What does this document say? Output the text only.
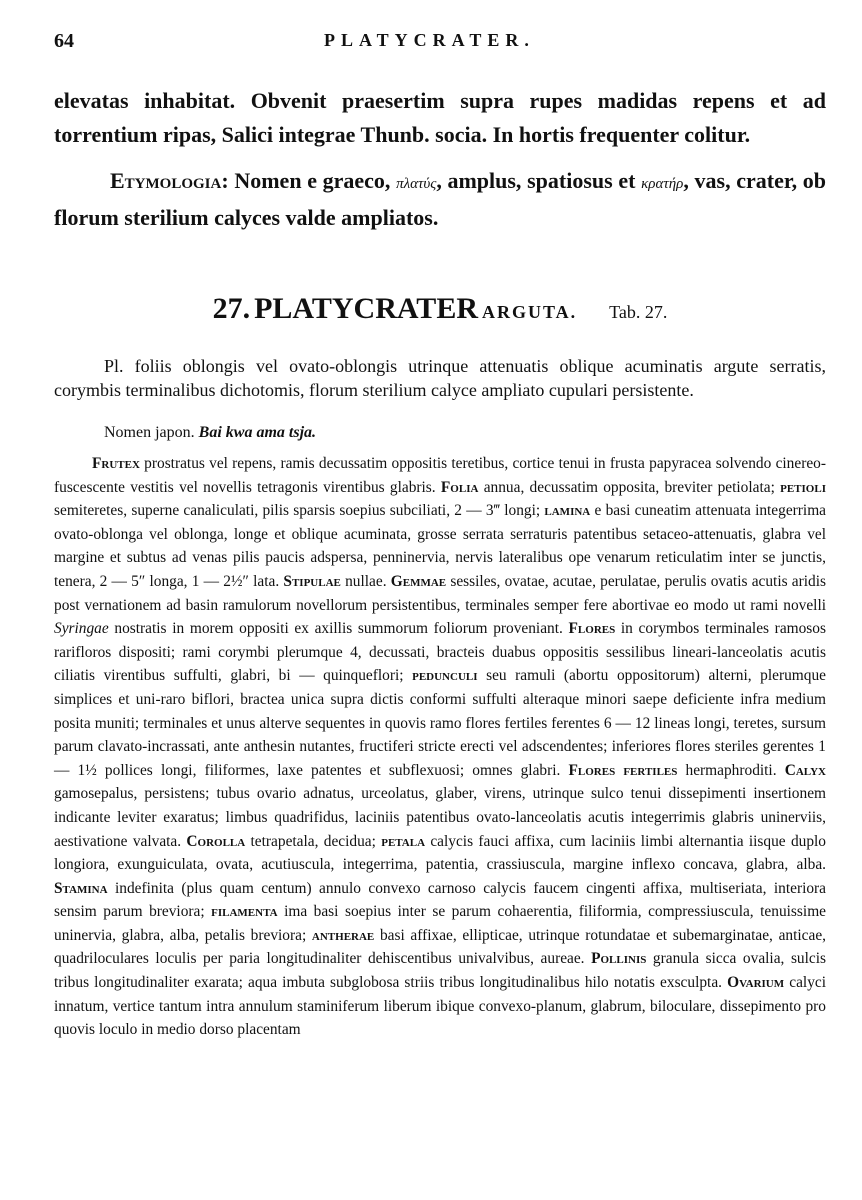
64	PLATYCRATER.

elevatas inhabitat. Obvenit praesertim supra rupes madidas repens et ad torrentium ripas, Salici integrae Thunb. socia. In hortis frequenter colitur.

Etymologia: Nomen e graeco, πλατύς, amplus, spatiosus et κρατήρ, vas, crater, ob florum sterilium calyces valde ampliatos.

27. PLATYCRATER ARGUTA. Tab. 27.

Pl. foliis oblongis vel ovato-oblongis utrinque attenuatis oblique acuminatis argute serratis, corymbis terminalibus dichotomis, florum sterilium calyce ampliato cupulari persistente.

Nomen japon. Bai kwa ama tsja.

Frutex prostratus vel repens, ramis decussatim oppositis teretibus, cortice tenui in frusta papyracea solvendo cinereo-fuscescente vestitis vel novellis tetragonis virentibus glabris. Folia annua, decussatim opposita, breviter petiolata; petioli semiteretes, superne canaliculati, pilis sparsis soepius subciliati, 2 — 3‴ longi; lamina e basi cuneatim attenuata integerrima ovato-oblonga vel oblonga, longe et oblique acuminata, grosse serrata serraturis patentibus setaceo-attenuatis, glabra vel margine et subtus ad venas pilis paucis adspersa, penninervia, nervis lateralibus ope venarum reticulatim inter se junctis, tenera, 2 — 5″ longa, 1 — 2½″ lata. Stipulae nullae. Gemmae sessiles, ovatae, acutae, perulatae, perulis ovatis acutis aridis post vernationem ad basin ramulorum novellorum persistentibus, terminales semper fere abortivae eo modo ut rami novelli Syringae nostratis in morem oppositi ex axillis summorum foliorum proveniant. Flores in corymbos terminales ramosos rarifloros dispositi; rami corymbi plerumque 4, decussati, bracteis duabus oppositis sessilibus lineari-lanceolatis acutis ciliatis virentibus suffulti, glabri, bi — quinqueflori; pedunculi seu ramuli (abortu oppositorum) alterni, plerumque simplices et uni-raro biflori, bractea unica supra dictis conformi suffulti alteraque minori saepe deficiente infra medium posita muniti; terminales et unus alterve sequentes in quovis ramo flores fertiles ferentes 6 — 12 lineas longi, teretes, sursum parum clavato-incrassati, ante anthesin nutantes, fructiferi stricte erecti vel adscendentes; inferiores flores steriles gerentes 1 — 1½ pollices longi, filiformes, laxe patentes et subflexuosi; omnes glabri. Flores fertiles hermaphroditi. Calyx gamosepalus, persistens; tubus ovario adnatus, urceolatus, glaber, virens, utrinque sulco tenui dissepimenti insertionem indicante leviter exaratus; limbus quadrifidus, laciniis patentibus ovato-lanceolatis acutis integerrimis glabris uninerviis, aestivatione valvata. Corolla tetrapetala, decidua; petala calycis fauci affixa, cum laciniis limbi alternantia iisque duplo longiora, exunguiculata, ovata, acutiuscula, integerrima, patentia, crassiuscula, margine inflexo concava, glabra, alba. Stamina indefinita (plus quam centum) annulo convexo carnoso calycis faucem cingenti affixa, multiseriata, interiora sensim parum breviora; filamenta ima basi soepius inter se parum cohaerentia, filiformia, compressiuscula, tenuissime uninervia, glabra, alba, petalis breviora; antherae basi affixae, ellipticae, utrinque rotundatae et subemarginatae, anticae, quadriloculares loculis per paria longitudinaliter dehiscentibus univalvibus, aureae. Pollinis granula sicca ovalia, sulcis tribus longitudinaliter exarata; aqua imbuta subglobosa striis tribus longitudinalibus hilo notatis exsculpta. Ovarium calyci innatum, vertice tantum intra annulum staminiferum liberum ibique convexo-planum, glabrum, biloculare, dissepimento pro quovis loculo in medio dorso placentam
